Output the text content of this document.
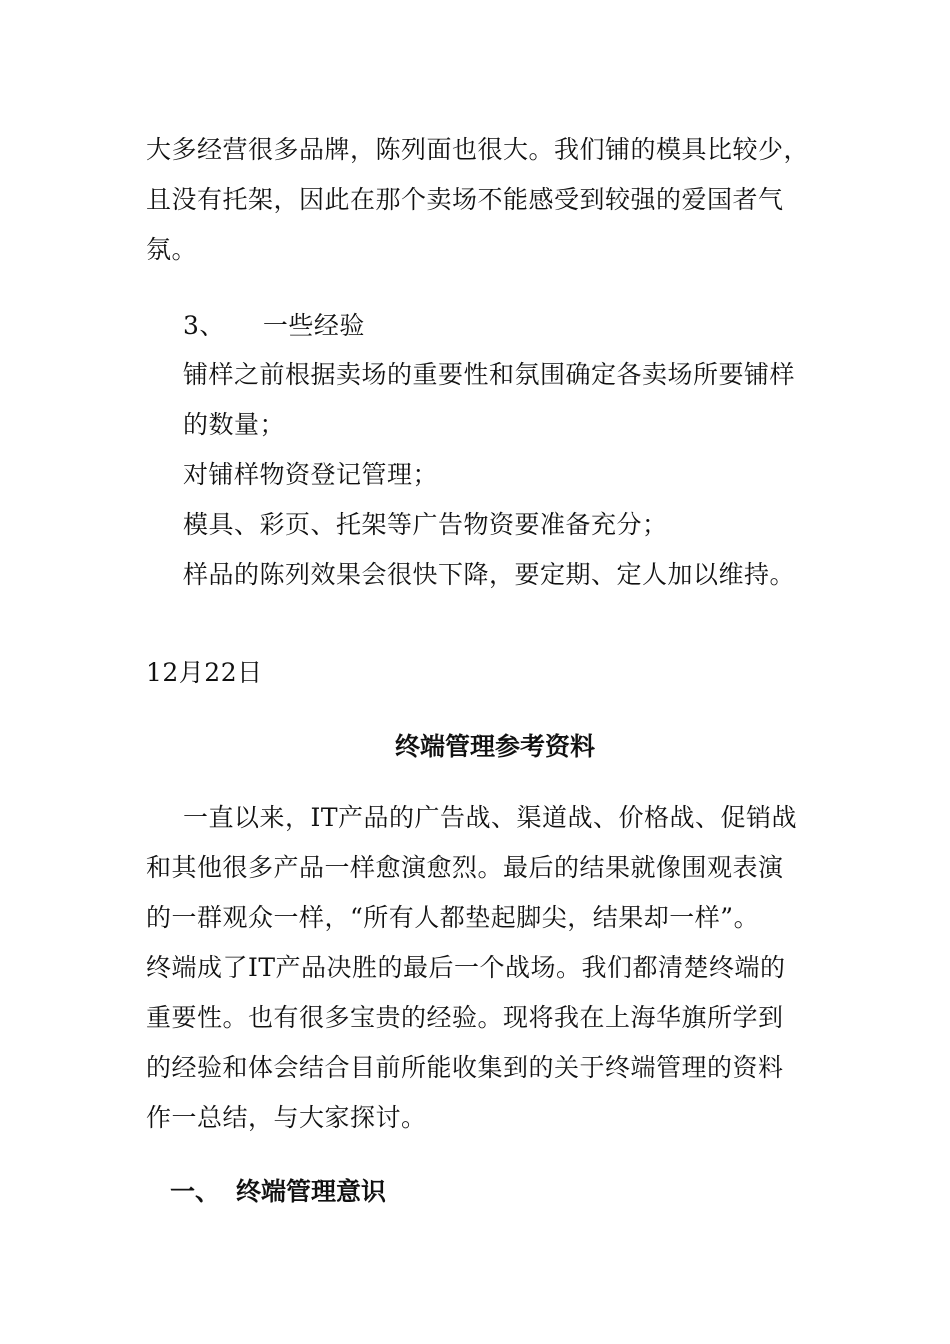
大多经营很多品牌，陈列面也很大。我们铺的模具比较少，
且没有托架，因此在那个卖场不能感受到较强的爱国者气
氛。
3、 一些经验
铺样之前根据卖场的重要性和氛围确定各卖场所要铺样
的数量；
对铺样物资登记管理；
模具、彩页、托架等广告物资要准备充分；
样品的陈列效果会很快下降，要定期、定人加以维持。
12月22日
终端管理参考资料
一直以来，IT产品的广告战、渠道战、价格战、促销战
和其他很多产品一样愈演愈烈。最后的结果就像围观表演
的一群观众一样，“所有人都垫起脚尖，结果却一样”。
终端成了IT产品决胜的最后一个战场。我们都清楚终端的
重要性。也有很多宝贵的经验。现将我在上海华旗所学到
的经验和体会结合目前所能收集到的关于终端管理的资料
作一总结，与大家探讨。
一、 终端管理意识
